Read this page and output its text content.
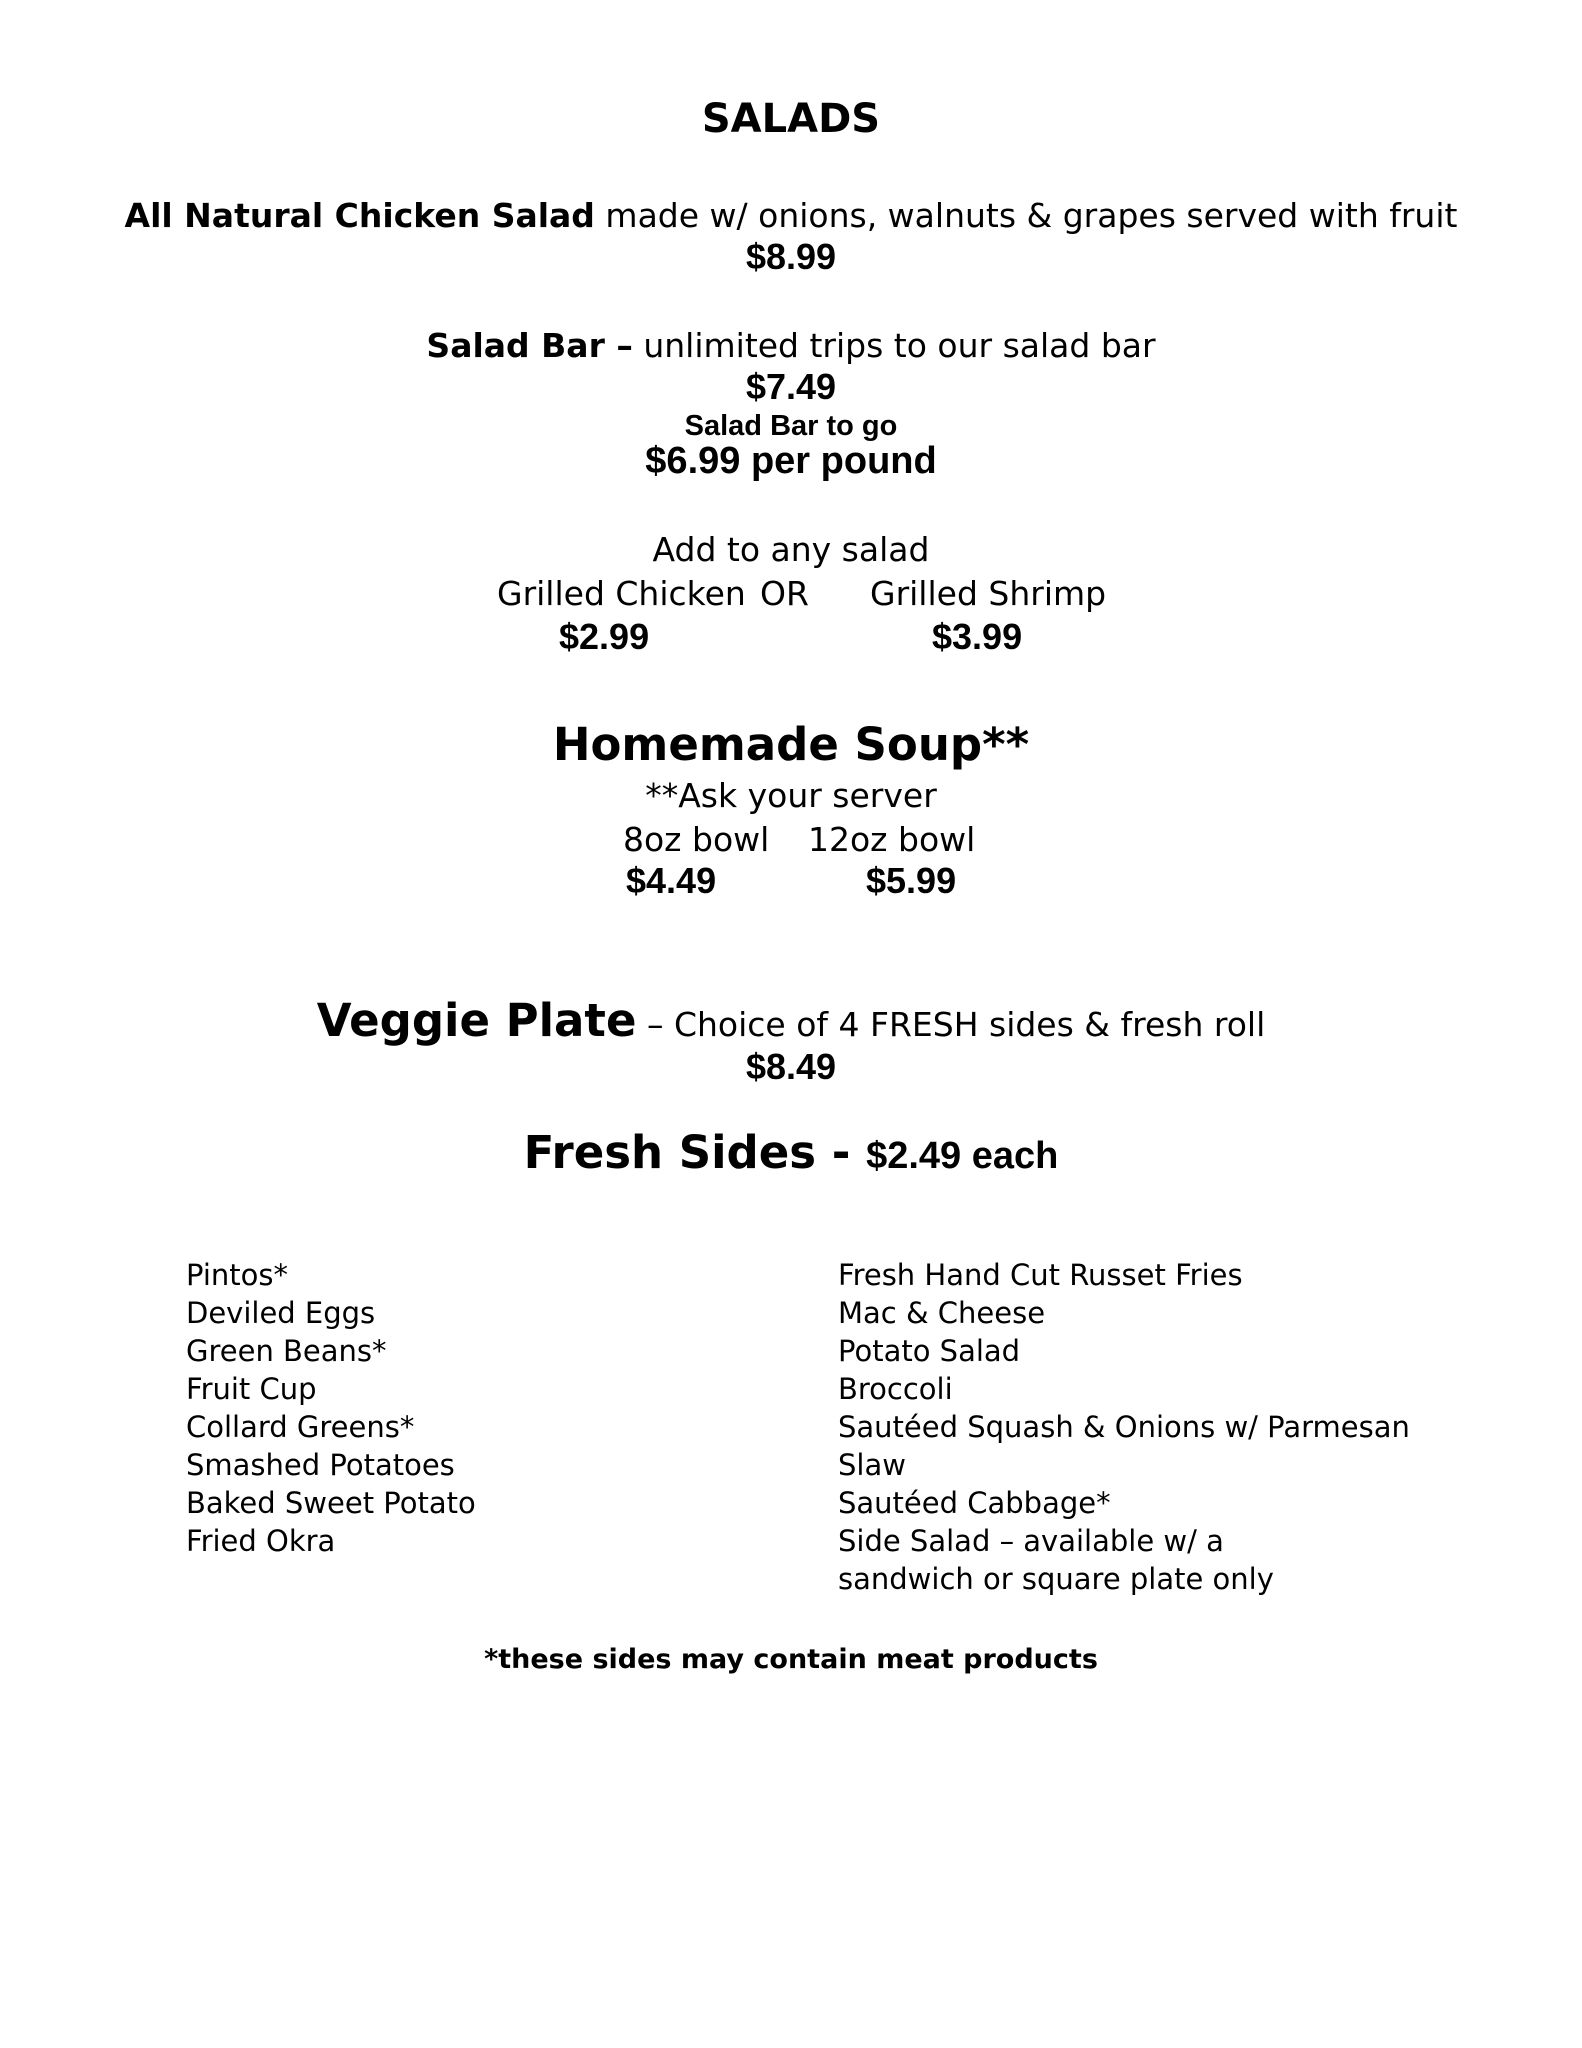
SALADS
All Natural Chicken Salad made w/ onions, walnuts & grapes served with fruit
$8.99
Salad Bar – unlimited trips to our salad bar
$7.49
Salad Bar to go
$6.99 per pound
Add to any salad
Grilled Chicken OR Grilled Shrimp
$2.99	$3.99
Homemade Soup**
**Ask your server
8oz bowl 12oz bowl
$4.49	$5.99
Veggie Plate – Choice of 4 FRESH sides & fresh roll
$8.49
Fresh Sides - $2.49 each
Pintos*
Deviled Eggs
Green Beans*
Fruit Cup
Collard Greens*
Smashed Potatoes
Baked Sweet Potato
Fried Okra
Fresh Hand Cut Russet Fries
Mac & Cheese
Potato Salad
Broccoli
Sautéed Squash & Onions w/ Parmesan
Slaw
Sautéed Cabbage*
Side Salad – available w/ a sandwich or square plate only
*these sides may contain meat products
